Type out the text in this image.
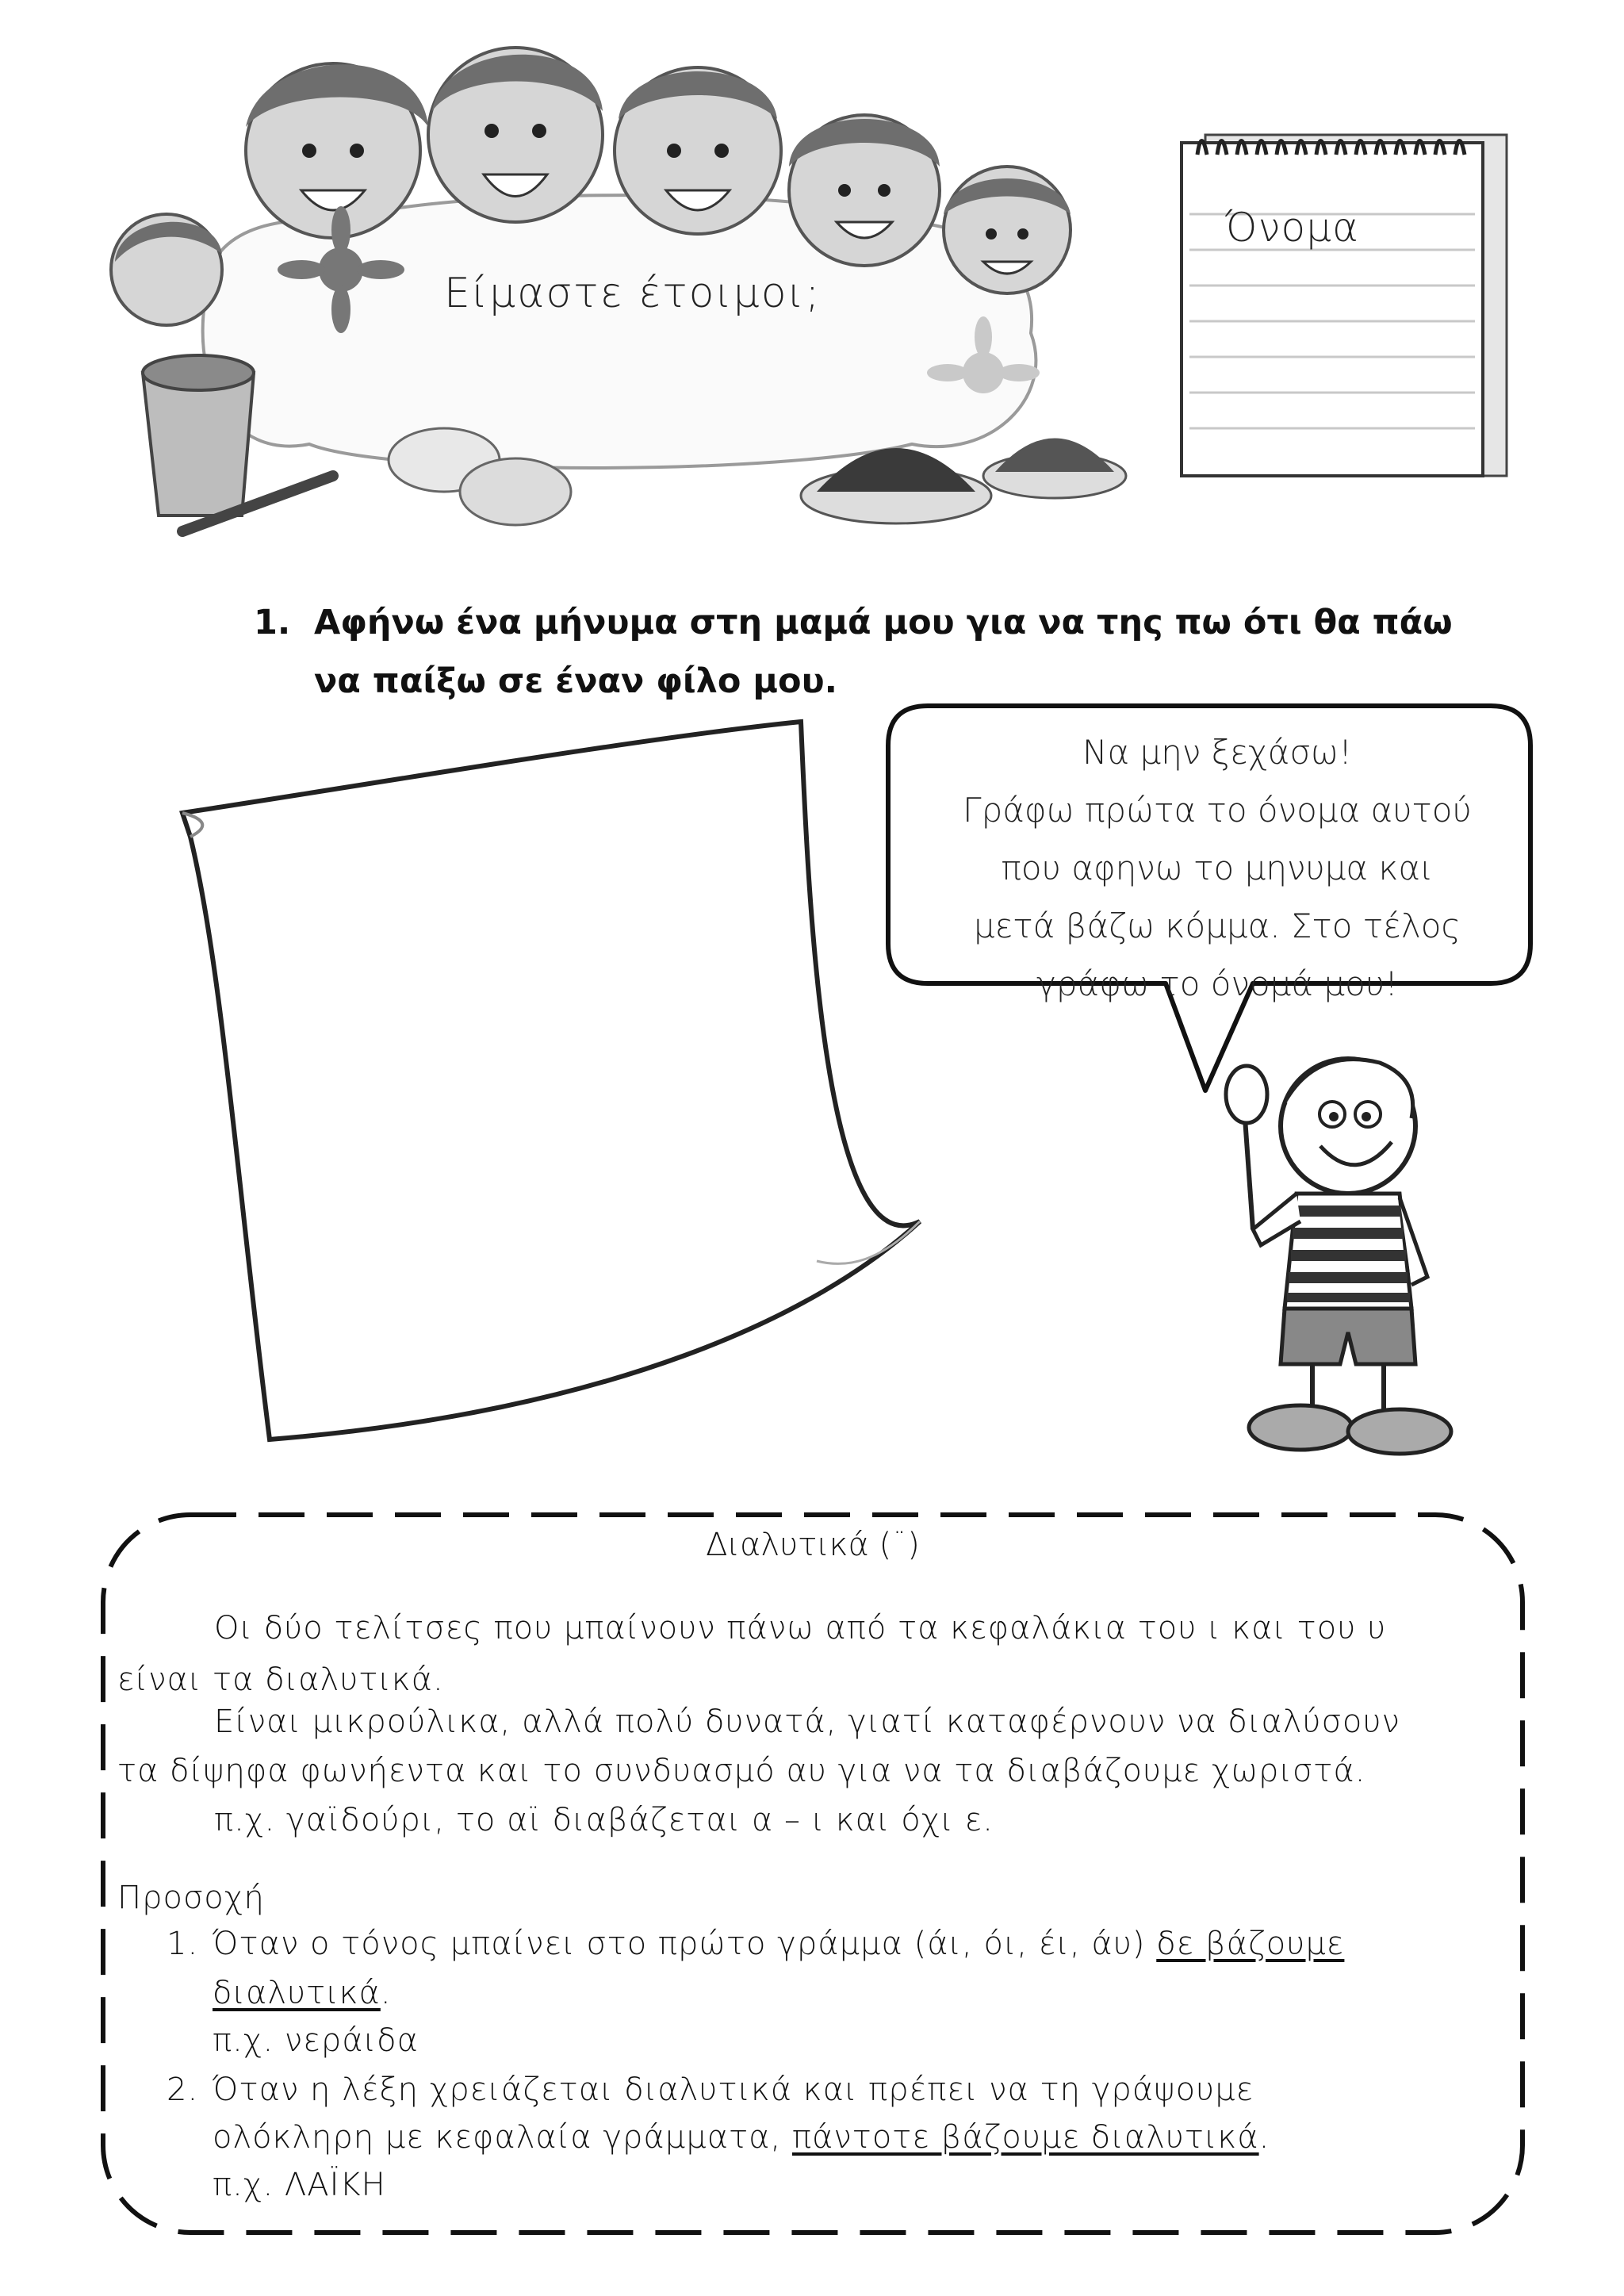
Είμαστε έτοιμοι;
Όνομα
1. Αφήνω ένα μήνυμα στη μαμά μου για να της πω ότι θα πάω
να παίξω σε έναν φίλο μου.
Να μην ξεχάσω!
Γράφω πρώτα το όνομα αυτού
που αφηνω το μηνυμα και
μετά βάζω κόμμα. Στο τέλος
γράφω το όνομά μου!
Διαλυτικά (¨)
Οι δύο τελίτσες που μπαίνουν πάνω από τα κεφαλάκια του ι και του υ
είναι τα διαλυτικά.
Είναι μικρούλικα, αλλά πολύ δυνατά, γιατί καταφέρνουν να διαλύσουν
τα δίψηφα φωνήεντα και το συνδυασμό αυ για να τα διαβάζουμε χωριστά.
π.χ. γαϊδούρι, το αϊ διαβάζεται α – ι και όχι ε.
Προσοχή
1. Όταν ο τόνος μπαίνει στο πρώτο γράμμα (άι, όι, έι, άυ) δε βάζουμε
διαλυτικά.
π.χ. νεράιδα
2. Όταν η λέξη χρειάζεται διαλυτικά και πρέπει να τη γράψουμε
ολόκληρη με κεφαλαία γράμματα, πάντοτε βάζουμε διαλυτικά.
π.χ. ΛΑΪΚΗ
